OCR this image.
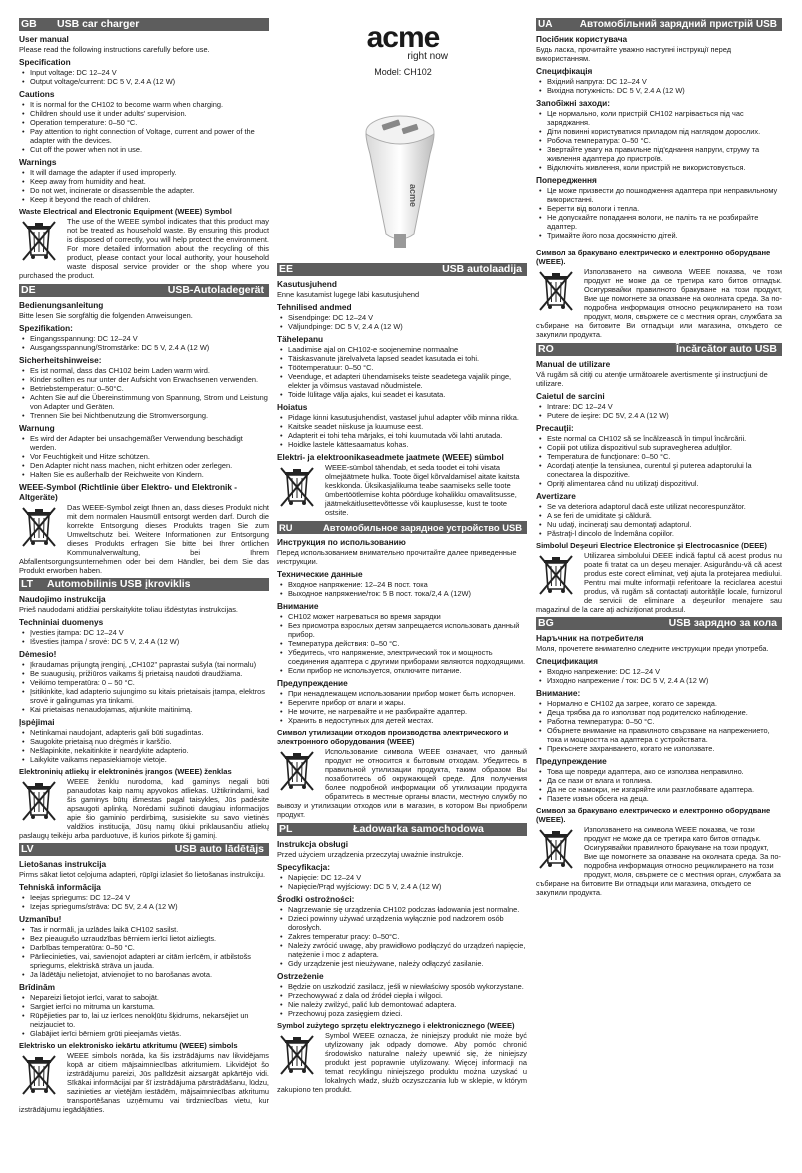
acme
right now
Model: CH102
acme
GB	USB car charger
User manual

Please read the following instructions carefully before use.

Specification
• Input voltage: DC 12–24 V
• Output voltage/current: DC 5 V, 2.4 A (12 W)
Cautions
• It is normal for the CH102 to become warm when charging.
• Children should use it under adults' supervision.
• Operation temperature: 0–50 °C.
• Pay attention to right connection of Voltage, current and power of the adapter with the devices.
• Cut off the power when not in use.
Warnings
• It will damage the adapter if used improperly.
• Keep away from humidity and heat.
• Do not wet, incinerate or disassemble the adapter.
• Keep it beyond the reach of children.
Waste Electrical and Electronic Equipment (WEEE) Symbol

The use of the WEEE symbol indicates that this product may not be treated as household waste. By ensuring this product is disposed of correctly, you will help protect the environment. For more detailed information about the recycling of this product, please contact your local authority, your household waste disposal service provider or the shop where you purchased the product.

DE	USB-Autoladegerät
Bedienungsanleitung

Bitte lesen Sie sorgfältig die folgenden Anweisungen.

Spezifikation:
• Eingangsspannung: DC 12–24 V
• Ausgangsspannung/Stromstärke: DC 5 V, 2.4 A (12 W)
Sicherheitshinweise:
• Es ist normal, dass das CH102 beim Laden warm wird.
• Kinder sollten es nur unter der Aufsicht von Erwachsenen verwenden.
• Betriebstemperatur: 0–50°C.
• Achten Sie auf die Übereinstimmung von Spannung, Strom und Leistung von Adapter und Geräten.
• Trennen Sie bei Nichtbenutzung die Stromversorgung.
Warnung
• Es wird der Adapter bei unsachgemäßer Verwendung beschädigt werden.
• Vor Feuchtigkeit und Hitze schützen.
• Den Adapter nicht nass machen, nicht erhitzen oder zerlegen.
• Halten Sie es außerhalb der Reichweite von Kindern.
WEEE-Symbol (Richtlinie über Elektro- und Elektronik - Altgeräte)

Das WEEE-Symbol zeigt Ihnen an, dass dieses Produkt nicht mit dem normalen Hausmüll entsorgt werden darf. Durch die korrekte Entsorgung dieses Produkts tragen Sie zum Umweltschutz bei. Weitere Informationen zur Entsorgung dieses Produkts erfragen Sie bitte bei Ihrer örtlichen Kommunalverwaltung, bei Ihrem Abfallentsorgungsunternehmen oder bei dem Händler, bei dem Sie das Produkt erworben haben.

LT	Automobilinis USB įkroviklis
Naudojimo instrukcija

Prieš naudodami atidžiai perskaitykite toliau išdėstytas instrukcijas.

Techniniai duomenys
• Įvesties įtampa: DC 12–24 V
• Išvesties įtampa / srovė: DC 5 V, 2.4 A (12 W)
Dėmesio!
• Įkraudamas prijungtą įrenginį, „CH102" paprastai sušyla (tai normalu)
• Be suaugusių, prižiūros vaikams šį prietaisą naudoti draudžiama.
• Veikimo temperatūra: 0 – 50 °C.
• Įsitikinkite, kad adapterio sujungimo su kitais prietaisais įtampa, elektros srovė ir galingumas yra tinkami.
• Kai prietaisas nenaudojamas, atjunkite maitinimą.
Įspėjimai
• Netinkamai naudojant, adapteris gali būti sugadintas.
• Saugokite prietaisą nuo drėgmės ir karščio.
• Nešlapinkite, nekaitinkite ir neardykite adapterio.
• Laikykite vaikams nepasiekiamoje vietoje.
Elektroninių atliekų ir elektroninės įrangos (WEEE) ženklas

WEEE ženklu nurodoma, kad gaminys negali būti panaudotas kaip namų apyvokos atliekas. Užtikrindami, kad šis gaminys būtų išmestas pagal taisykles, Jūs padėsite apsaugoti aplinką. Norėdami sužinoti daugiau informacijos apie šio gaminio perdirbimą, susisiekite su savo vietinės valdžios institucija, Jūsų namų ūkiui priklausančiu atliekų paslaugų teikėju arba parduotuve, iš kurios pirkote šį gaminį.

LV	USB auto lādētājs
Lietošanas instrukcija

Pirms sākat lietot ceļojuma adapteri, rūpīgi izlasiet šo lietošanas instrukciju.

Tehniskā informācija
• Ieejas spriegums: DC 12–24 V
• Izejas spriegums/strāva: DC 5V, 2.4 A (12 W)
Uzmanību!
• Tas ir normāli, ja uzlādes laikā CH102 sasilst.
• Bez pieaugušo uzraudzības bērniem ierīci lietot aizliegts.
• Darbības temperatūra: 0–50 °C.
• Pārliecinieties, vai, savienojot adapteri ar citām ierīcēm, ir atbilstošs spriegums, elektriskā strāva un jauda.
• Ja lādētāju nelietojat, atvienojiet to no barošanas avota.
Brīdinām
• Nepareizi lietojot ierīci, varat to sabojāt.
• Sargiet ierīci no mitruma un karstuma.
• Rūpējieties par to, lai uz ierīces nenokļūtu šķidrums, nekarsējiet un neizjauciet to.
• Glabājiet ierīci bērniem grūti pieejamās vietās.
Elektrisko un elektronisko iekārtu atkritumu (WEEE) simbols

WEEE simbols norāda, ka šis izstrādājums nav likvidējams kopā ar citiem mājsaimniecības atkritumiem. Likvidējot šo izstrādājumu pareizi, Jūs palīdzēsit aizsargāt apkārtējo vidi. Sīkākai informācijai par šī izstrādājuma pārstrādāšanu, lūdzu, sazinieties ar vietējām iestādēm, mājsaimniecības atkritumu transportēšanas uzņēmumu vai tirdzniecības vietu, kur izstrādājumu iegādājāties.

EE	USB autolaadija
Kasutusjuhend

Enne kasutamist lugege läbi kasutusjuhend

Tehnilised andmed
• Sisendpinge: DC 12–24 V
• Väljundpinge: DC 5 V, 2.4 A (12 W)
Tähelepanu
• Laadimise ajal on CH102-e soojenemine normaalne
• Täiskasvanute järelvalveta lapsed seadet kasutada ei tohi.
• Töötemperatuur: 0–50 °C.
• Veenduge, et adapteri ühendamiseks teiste seadetega vajalik pinge, elekter ja võimsus vastavad nõudmistele.
• Toide lülitage välja ajaks, kui seadet ei kasutata.
Hoiatus
• Pidage kinni kasutusjuhendist, vastasel juhul adapter võib minna rikka.
• Kaitske seadet niiskuse ja kuumuse eest.
• Adapterit ei tohi teha märjaks, ei tohi kuumutada või lahti arutada.
• Hoidke lastele kättesaamatus kohas.
Elektri- ja elektroonikaseadmete jaatmete (WEEE) sümbol

WEEE-sümbol tähendab, et seda toodet ei tohi visata olmejäätmete hulka. Toote õigel kõrvaldamisel aitate kaitsta keskkonda. Üksikasjalikuma teabe saamiseks selle toote ümbertöötlemise kohta pöörduge kohalikku omavalitsusse, jäätmekäitlusettevõttesse või kauplusesse, kust te toote ostsite.

RU	Автомобильное зарядное устройство USB
Инструкция по использованию

Перед использованием внимательно прочитайте далее приведенные инструкции.

Технические данные
• Входное напряжение: 12–24 В пост. тока
• Выходное напряжение/ток: 5 В пост. тока/2,4 А (12W)
Внимание
• CH102 может нагреваться во время зарядки
• Без присмотра взрослых детям запрещается использовать данный прибор.
• Температура действия: 0–50 °С.
• Убедитесь, что напряжение, электрический ток и мощность соединения адаптера с другими приборами являются подходящими.
• Если прибор не используется, отключите питание.
Предупреждение
• При ненадлежащем использовании прибор может быть испорчен.
• Берегите прибор от влаги и жары.
• Не мочите, не нагревайте и не разбирайте адаптер.
• Хранить в недоступных для детей местах.
Символ утилизации отходов производства электрического и электронного оборудования (WEEE)

Использование символа WEEE означает, что данный продукт не относится к бытовым отходам. Убедитесь в правильной утилизации продукта, таким образом Вы позаботитесь об окружающей среде. Для получения более подробной информации об утилизации продукта обратитесь в местные органы власти, местную службу по вывозу и утилизации отходов или в магазин, в котором Вы приобрели продукт.

PL	Ładowarka samochodowa
Instrukcja obsługi

Przed użyciem urządzenia przeczytaj uważnie instrukcje.

Specyfikacja:
• Napięcie: DC 12–24 V
• Napięcie/Prąd wyjściowy: DC 5 V, 2.4 A (12 W)
Środki ostrożności:
• Nagrzewanie się urządzenia CH102 podczas ładowania jest normalne.
• Dzieci powinny używać urządzenia wyłącznie pod nadzorem osób dorosłych.
• Zakres temperatur pracy: 0–50°C.
• Należy zwrócić uwagę, aby prawidłowo podłączyć do urządzeń napięcie, natężenie i moc z adaptera.
• Gdy urządzenie jest nieużywane, należy odłączyć zasilanie.
Ostrzeżenie
• Będzie on uszkodzić zasilacz, jeśli w niewłaściwy sposób wykorzystane.
• Przechowywać z dala od źródeł ciepła i wilgoci.
• Nie należy zwilżyć, palić lub demontować adaptera.
• Przechowuj poza zasięgiem dzieci.
Symbol zużytego sprzętu elektrycznego i elektronicznego (WEEE)

Symbol WEEE oznacza, że niniejszy produkt nie może być utylizowany jak odpady domowe. Aby pomóc chronić środowisko naturalne należy upewnić się, że niniejszy produkt jest poprawnie utylizowany. Więcej informacji na temat recyklingu niniejszego produktu można uzyskać u lokalnych władz, służb oczyszczania lub w sklepie, w którym zakupiono ten produkt.

UA	Автомобільний зарядний пристрій USB
Посібник користувача

Будь ласка, прочитайте уважно наступні інструкції перед використанням.

Специфікація
• Вхідний напруга: DC 12–24 V
• Вихідна потужність: DC 5 V, 2.4 A (12 W)
Запобіжні заходи:
• Це нормально, коли пристрій CH102 нагрівається під час заряджання.
• Діти повинні користуватися приладом під наглядом дорослих.
• Робоча температура: 0–50 °C.
• Звертайте увагу на правильне під'єднання напруги, струму та живлення адаптера до пристроїв.
• Відключіть живлення, коли пристрій не використовується.
Попередження
• Це може призвести до пошкодження адаптера при неправильному використанні.
• Берегти від вологи і тепла.
• Не допускайте попадання вологи, не паліть та не розбирайте адаптер.
• Тримайте його поза досяжністю дітей.
Символ за бракувано електрическо и електронно оборудване (WEEE).

Използването на символа WEEE показва, че този продукт не може да се третира като битов отпадък. Осигурявайки правилното бракуване на този продукт, Вие ще помогнете за опазване на околната среда. За по-подробна информация относно рециклирането на този продукт, моля, свържете се с местния орган, службата за събиране на битовите Ви отпадъци или магазина, откъдето се закупили продукта.

RO	Încărcător auto USB
Manual de utilizare

Vă rugăm să citiţi cu atenţie următoarele avertismente şi instrucţiuni de utilizare.

Caietul de sarcini
• Intrare: DC 12–24 V
• Putere de ieşire: DC 5V, 2.4 A (12 W)
Precauţii:
• Este normal ca CH102 să se încălzească în timpul încărcării.
• Copiii pot utiliza dispozitivul sub supravegherea adulţilor.
• Temperatura de funcţionare: 0–50 °C.
• Acordaţi atenţie la tensiunea, curentul şi puterea adaptorului la conectarea la dispozitive.
• Opriţi alimentarea când nu utilizaţi dispozitivul.
Avertizare
• Se va deteriora adaptorul dacă este utilizat necorespunzător.
• A se feri de umiditate şi căldură.
• Nu udaţi, incineraţi sau demontaţi adaptorul.
• Păstraţi-l dincolo de îndemâna copiilor.
Simbolul Deşeuri Electrice Electronice şi Electrocasnice (DEEE)

Utilizarea simbolului DEEE indică faptul că acest produs nu poate fi tratat ca un deşeu menajer. Asigurându-vă că acest produs este corect eliminat, veţi ajuta la protejarea mediului. Pentru mai multe informaţii referitoare la reciclarea acestui produs, vă rugăm să contactaţi autorităţile locale, furnizorul de servicii de eliminare a deşeurilor menajere sau magazinul de la care aţi achiziţionat produsul.

BG	USB зарядно за кола
Наръчник на потребителя

Моля, прочетете внимателно следните инструкции преди употреба.

Спецификация
• Входно напрежение: DC 12–24 V
• Изходно напрежение / ток: DC 5 V, 2.4 A (12 W)
Внимание:
• Нормално е CH102 да загрее, когато се зарежда.
• Деца трябва да го използват под родителско наблюдение.
• Работна температура: 0–50 °C.
• Обърнете внимание на правилното свързване на напрежението, тока и мощността на адаптера с устройствата.
• Прекъснете захранването, когато не използвате.
Предупреждение
• Това ще повреди адаптера, ако се използва неправилно.
• Да се пази от влага и топлина.
• Да не се намокри, не изгаряйте или разглобявате адаптера.
• Пазете извън обсега на деца.
Символ за бракувано електрическо и електронно оборудване (WEEE).

Използването на символа WEEE показва, че този продукт не може да се третира като битов отпадък. Осигурявайки правилното бракуване на този продукт, Вие ще помогнете за опазване на околната среда. За по-подробна информация относно рециклирането на този продукт, моля, свържете се с местния орган, службата за събиране на битовите Ви отпадъци или магазина, откъдето се закупили продукта.
